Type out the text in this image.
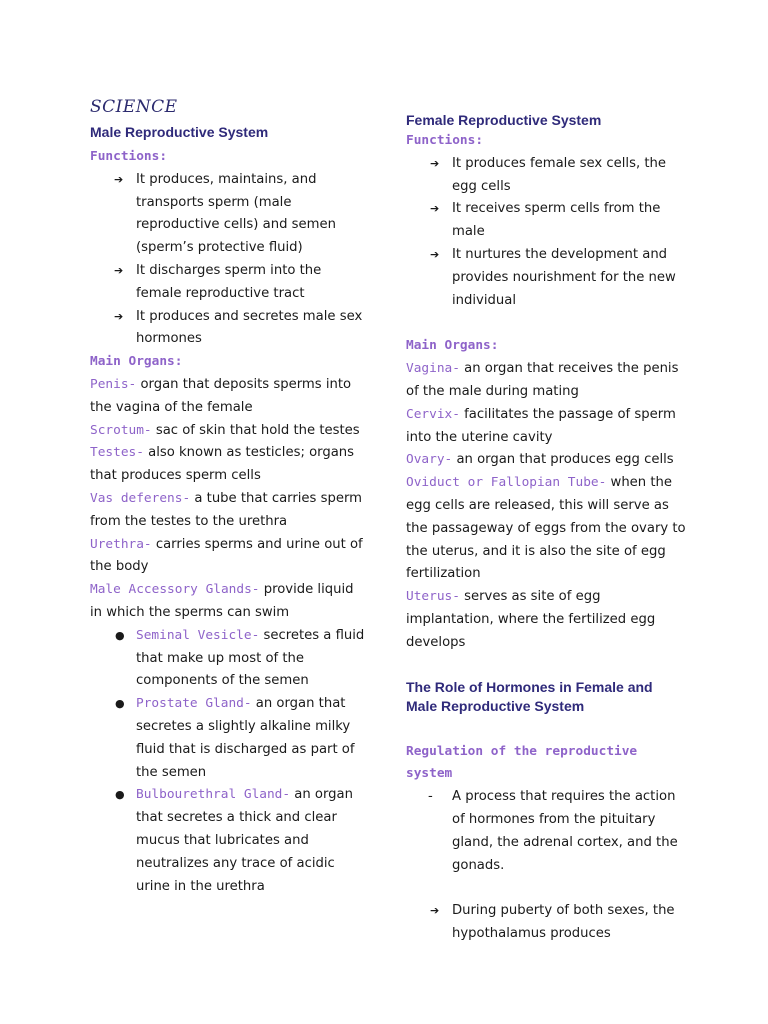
SCIENCE
Male Reproductive System
Functions:
➔ It produces, maintains, and transports sperm (male reproductive cells) and semen (sperm’s protective fluid)
➔ It discharges sperm into the female reproductive tract
➔ It produces and secretes male sex hormones
Main Organs:

Penis- organ that deposits sperms into the vagina of the female

Scrotum- sac of skin that hold the testes

Testes- also known as testicles; organs that produces sperm cells

Vas deferens- a tube that carries sperm from the testes to the urethra

Urethra- carries sperms and urine out of the body

Male Accessory Glands- provide liquid in which the sperms can swim

● Seminal Vesicle- secretes a fluid that make up most of the components of the semen
● Prostate Gland- an organ that secretes a slightly alkaline milky fluid that is discharged as part of the semen
● Bulbourethral Gland- an organ that secretes a thick and clear mucus that lubricates and neutralizes any trace of acidic urine in the urethra
Female Reproductive System
Functions:
➔ It produces female sex cells, the egg cells
➔ It receives sperm cells from the male
➔ It nurtures the development and provides nourishment for the new individual
Main Organs:

Vagina- an organ that receives the penis of the male during mating

Cervix- facilitates the passage of sperm into the uterine cavity

Ovary- an organ that produces egg cells

Oviduct or Fallopian Tube- when the egg cells are released, this will serve as the passageway of eggs from the ovary to the uterus, and it is also the site of egg fertilization

Uterus- serves as site of egg implantation, where the fertilized egg develops

The Role of Hormones in Female and Male Reproductive System
Regulation of the reproductive system
- A process that requires the action of hormones from the pituitary gland, the adrenal cortex, and the gonads.
➔ During puberty of both sexes, the hypothalamus produces
